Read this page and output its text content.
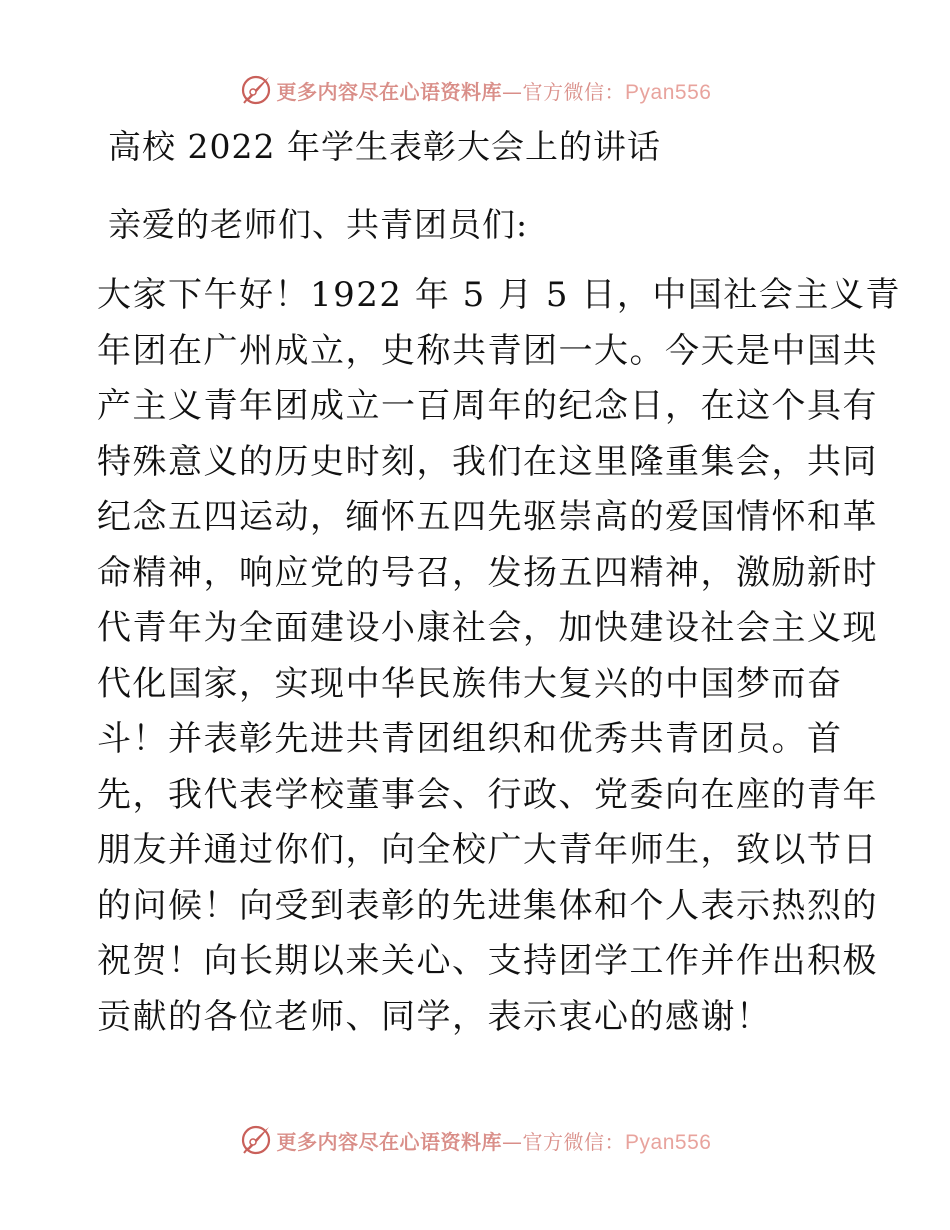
更多内容尽在心语资料库—官方微信：Pyan556
高校 2022 年学生表彰大会上的讲话
亲爱的老师们、共青团员们:
大家下午好！1922 年 5 月 5 日，中国社会主义青
年团在广州成立，史称共青团一大。今天是中国共
产主义青年团成立一百周年的纪念日，在这个具有
特殊意义的历史时刻，我们在这里隆重集会，共同
纪念五四运动，缅怀五四先驱崇高的爱国情怀和革
命精神，响应党的号召，发扬五四精神，激励新时
代青年为全面建设小康社会，加快建设社会主义现
代化国家，实现中华民族伟大复兴的中国梦而奋
斗！并表彰先进共青团组织和优秀共青团员。首
先，我代表学校董事会、行政、党委向在座的青年
朋友并通过你们，向全校广大青年师生，致以节日
的问候！向受到表彰的先进集体和个人表示热烈的
祝贺！向长期以来关心、支持团学工作并作出积极
贡献的各位老师、同学，表示衷心的感谢！
更多内容尽在心语资料库—官方微信：Pyan556
